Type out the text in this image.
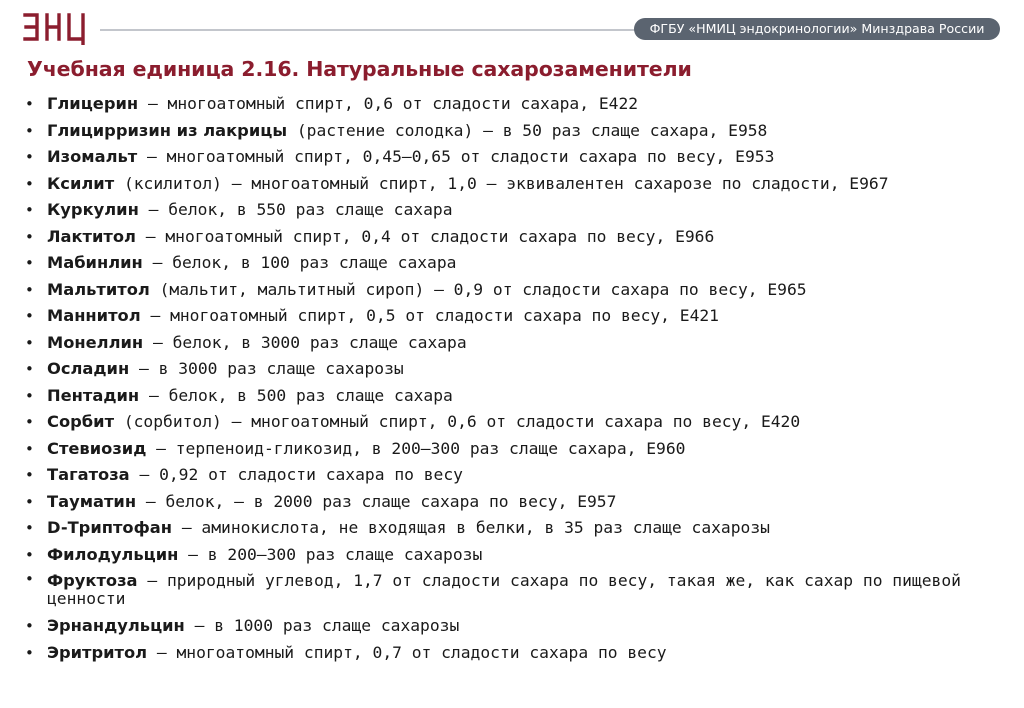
ФГБУ «НМИЦ эндокринологии» Минздрава России
Учебная единица 2.16. Натуральные сахарозаменители
• Глицерин — многоатомный спирт, 0,6 от сладости сахара, E422
• Глицирризин из лакрицы (растение солодка) — в 50 раз слаще сахара, E958
• Изомальт — многоатомный спирт, 0,45—0,65 от сладости сахара по весу, E953
• Ксилит (ксилитол) — многоатомный спирт, 1,0 — эквивалентен сахарозе по сладости, E967
• Куркулин — белок, в 550 раз слаще сахара
• Лактитол — многоатомный спирт, 0,4 от сладости сахара по весу, E966
• Мабинлин — белок, в 100 раз слаще сахара
• Мальтитол (мальтит, мальтитный сироп) — 0,9 от сладости сахара по весу, E965
• Маннитол — многоатомный спирт, 0,5 от сладости сахара по весу, E421
• Монеллин — белок, в 3000 раз слаще сахара
• Осладин — в 3000 раз слаще сахарозы
• Пентадин — белок, в 500 раз слаще сахара
• Сорбит (сорбитол) — многоатомный спирт, 0,6 от сладости сахара по весу, E420
• Стевиозид — терпеноид-гликозид, в 200—300 раз слаще сахара, E960
• Тагатоза — 0,92 от сладости сахара по весу
• Тауматин — белок, — в 2000 раз слаще сахара по весу, E957
• D-Триптофан — аминокислота, не входящая в белки, в 35 раз слаще сахарозы
• Филодульцин — в 200—300 раз слаще сахарозы
• Фруктоза — природный углевод, 1,7 от сладости сахара по весу, такая же, как сахар по пищевой ценности
• Эрнандульцин — в 1000 раз слаще сахарозы
• Эритритол — многоатомный спирт, 0,7 от сладости сахара по весу
